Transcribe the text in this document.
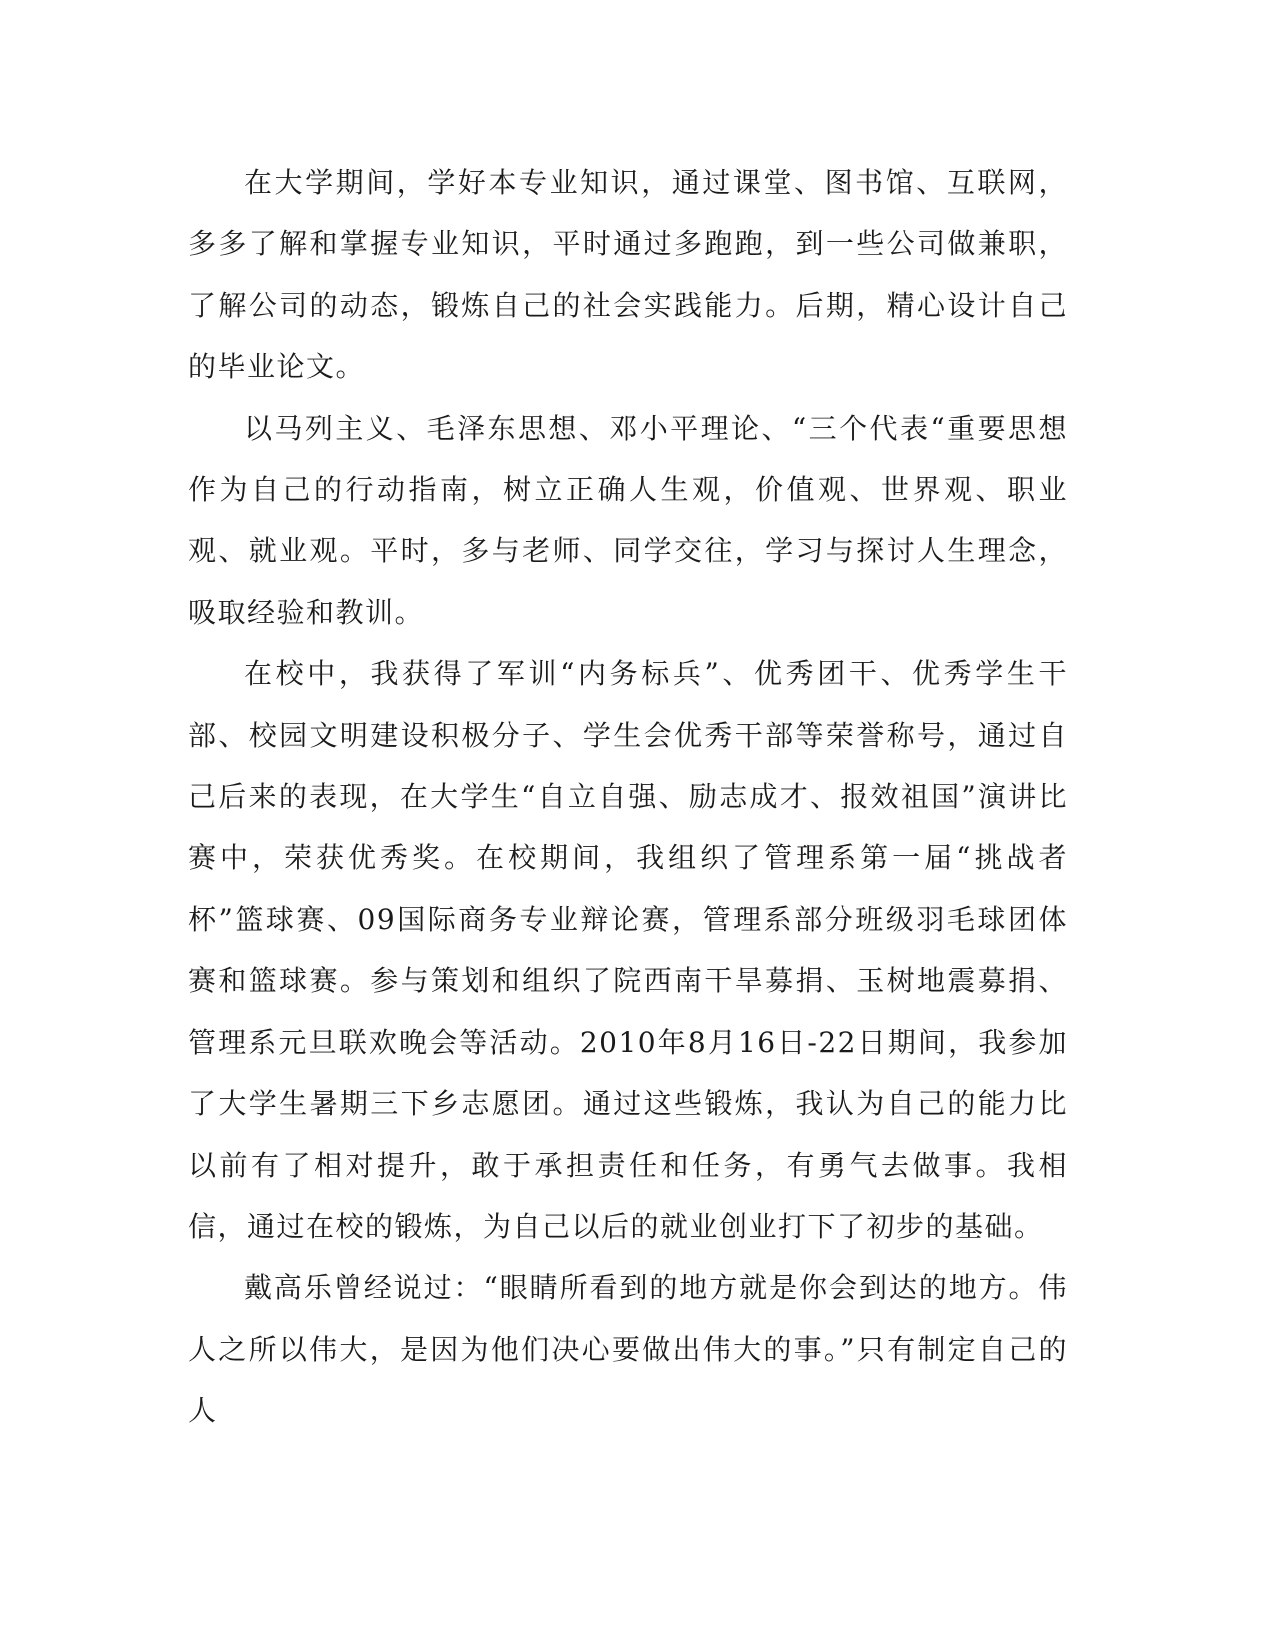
在大学期间，学好本专业知识，通过课堂、图书馆、互联网，多多了解和掌握专业知识，平时通过多跑跑，到一些公司做兼职，了解公司的动态，锻炼自己的社会实践能力。后期，精心设计自己的毕业论文。

以马列主义、毛泽东思想、邓小平理论、“三个代表“重要思想作为自己的行动指南，树立正确人生观，价值观、世界观、职业观、就业观。平时，多与老师、同学交往，学习与探讨人生理念，吸取经验和教训。

在校中，我获得了军训“内务标兵”、优秀团干、优秀学生干部、校园文明建设积极分子、学生会优秀干部等荣誉称号，通过自己后来的表现，在大学生“自立自强、励志成才、报效祖国”演讲比赛中，荣获优秀奖。在校期间，我组织了管理系第一届“挑战者杯”篮球赛、09国际商务专业辩论赛，管理系部分班级羽毛球团体赛和篮球赛。参与策划和组织了院西南干旱募捐、玉树地震募捐、管理系元旦联欢晚会等活动。2010年8月16日-22日期间，我参加了大学生暑期三下乡志愿团。通过这些锻炼，我认为自己的能力比以前有了相对提升，敢于承担责任和任务，有勇气去做事。我相信，通过在校的锻炼，为自己以后的就业创业打下了初步的基础。

戴高乐曾经说过：“眼睛所看到的地方就是你会到达的地方。伟人之所以伟大，是因为他们决心要做出伟大的事。”只有制定自己的人
